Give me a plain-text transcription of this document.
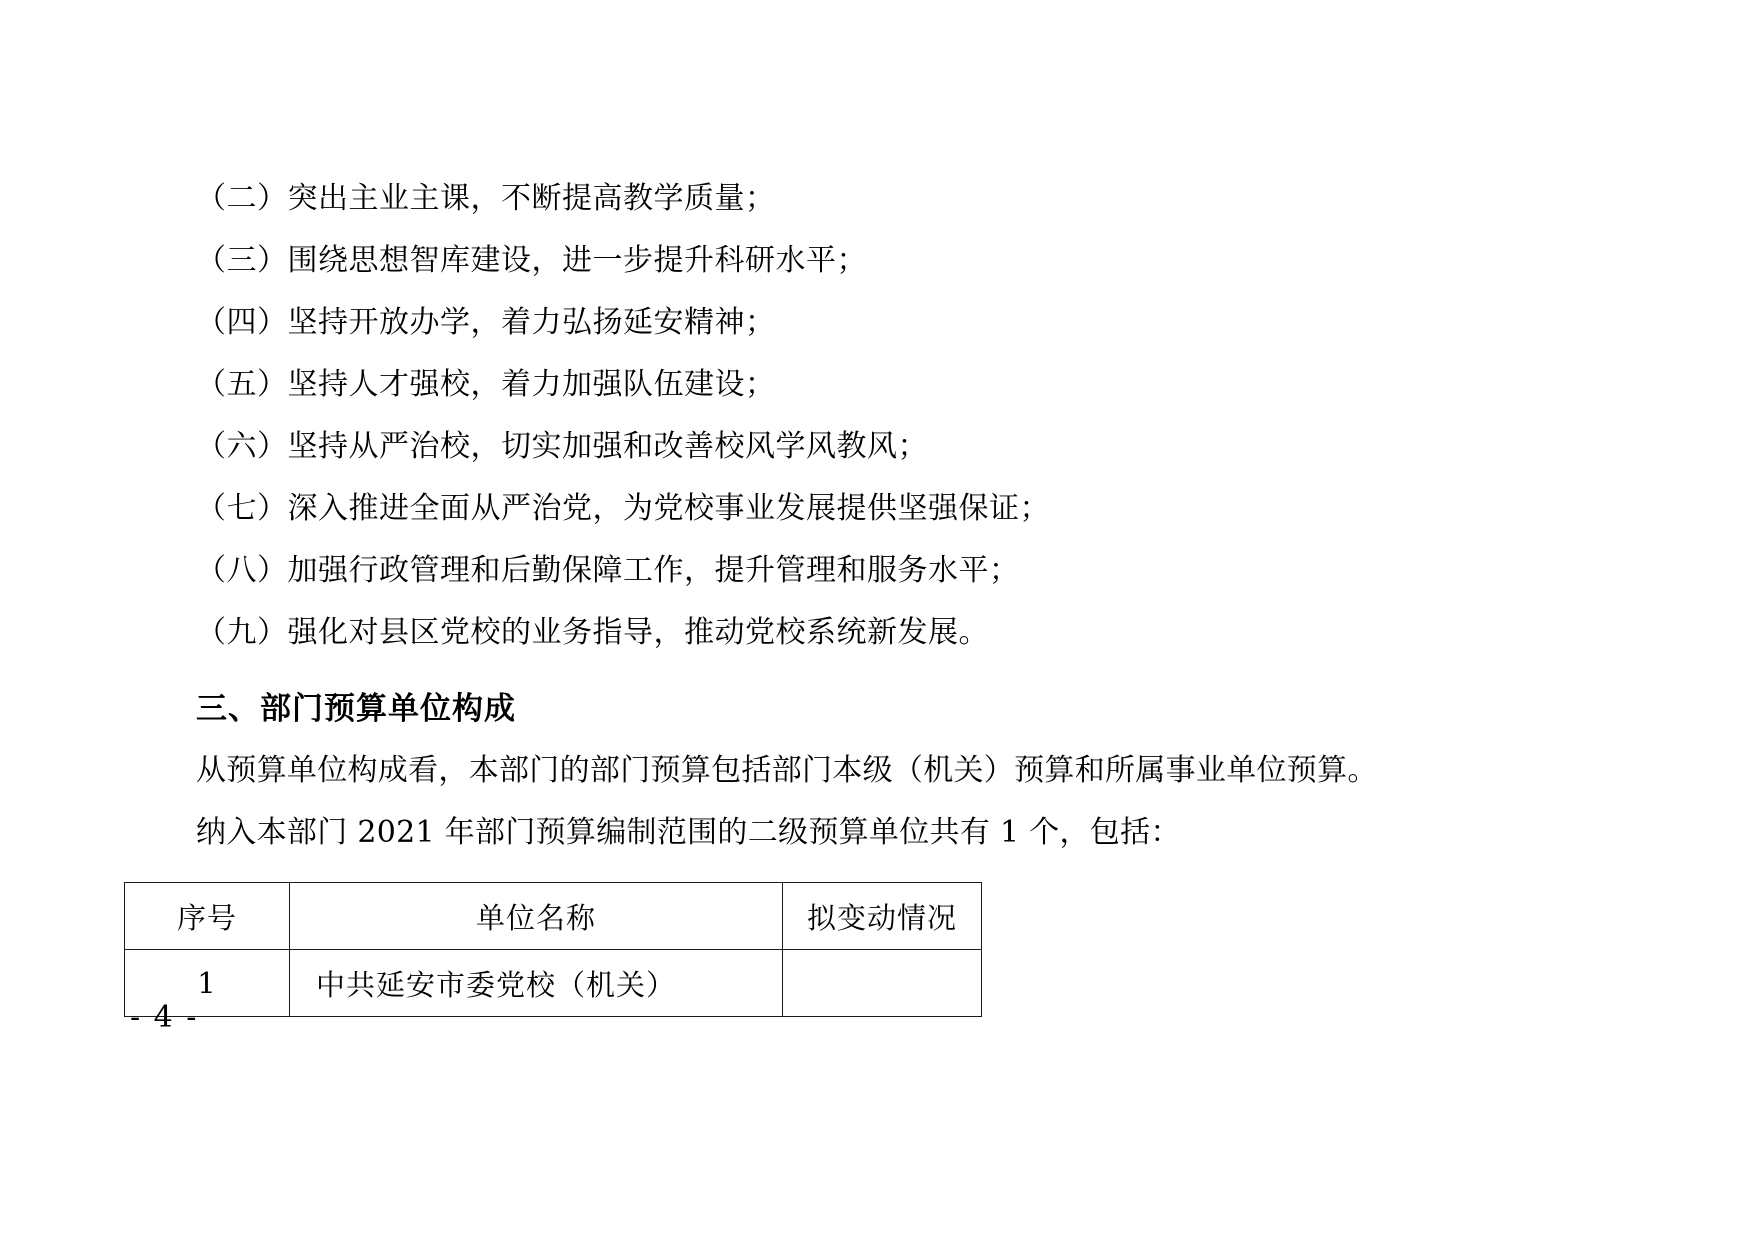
（二）突出主业主课，不断提高教学质量；
（三）围绕思想智库建设，进一步提升科研水平；
（四）坚持开放办学，着力弘扬延安精神；
（五）坚持人才强校，着力加强队伍建设；
（六）坚持从严治校，切实加强和改善校风学风教风；
（七）深入推进全面从严治党，为党校事业发展提供坚强保证；
（八）加强行政管理和后勤保障工作，提升管理和服务水平；
（九）强化对县区党校的业务指导，推动党校系统新发展。
三、部门预算单位构成
从预算单位构成看，本部门的部门预算包括部门本级（机关）预算和所属事业单位预算。
纳入本部门 2021 年部门预算编制范围的二级预算单位共有 1 个，包括：
序号	单位名称	拟变动情况
1	中共延安市委党校（机关）	
- 4 -
